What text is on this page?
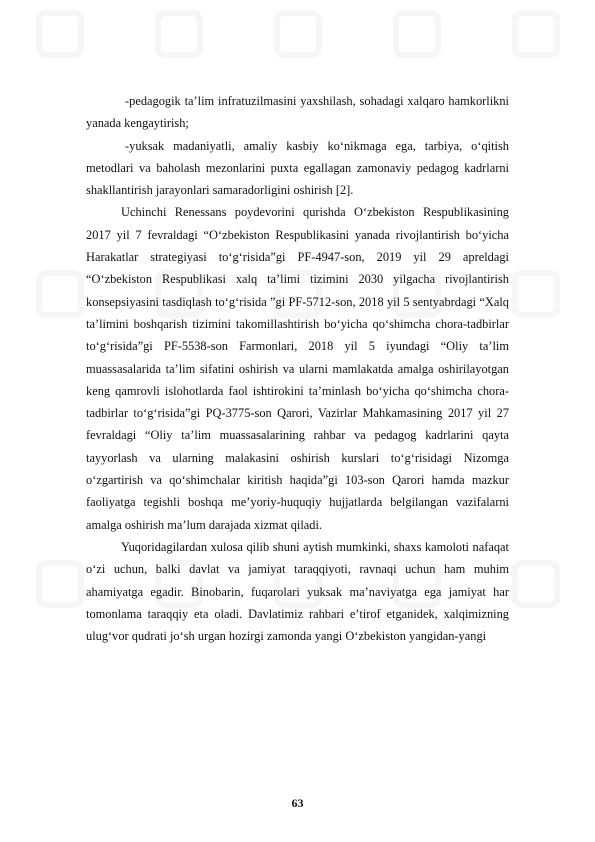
-pedagogik ta’lim infratuzilmasini yaxshilash, sohadagi xalqaro hamkorlikni yanada kengaytirish;

-yuksak madaniyatli, amaliy kasbiy ko‘nikmaga ega, tarbiya, o‘qitish metodlari va baholash mezonlarini puxta egallagan zamonaviy pedagog kadrlarni shakllantirish jarayonlari samaradorligini oshirish [2].

Uchinchi Renessans poydevorini qurishda O‘zbekiston Respublikasining 2017 yil 7 fevraldagi “O‘zbekiston Respublikasini yanada rivojlantirish bo‘yicha Harakatlar strategiyasi to‘g‘risida”gi PF-4947-son, 2019 yil 29 apreldagi “O‘zbekiston Respublikasi xalq ta’limi tizimini 2030 yilgacha rivojlantirish konsepsiyasini tasdiqlash to‘g‘risida ”gi PF-5712-son, 2018 yil 5 sentyabrdagi “Xalq ta’limini boshqarish tizimini takomillashtirish bo‘yicha qo‘shimcha chora-tadbirlar to‘g‘risida”gi PF-5538-son Farmonlari, 2018 yil 5 iyundagi “Oliy ta’lim muassasalarida ta’lim sifatini oshirish va ularni mamlakatda amalga oshirilayotgan keng qamrovli islohotlarda faol ishtirokini ta’minlash bo‘yicha qo‘shimcha chora-tadbirlar to‘g‘risida”gi PQ-3775-son Qarori, Vazirlar Mahkamasining 2017 yil 27 fevraldagi “Oliy ta’lim muassasalarining rahbar va pedagog kadrlarini qayta tayyorlash va ularning malakasini oshirish kurslari to‘g‘risidagi Nizomga o‘zgartirish va qo‘shimchalar kiritish haqida”gi 103-son Qarori hamda mazkur faoliyatga tegishli boshqa me’yoriy-huquqiy hujjatlarda belgilangan vazifalarni amalga oshirish ma’lum darajada xizmat qiladi.

Yuqoridagilardan xulosa qilib shuni aytish mumkinki, shaxs kamoloti nafaqat o‘zi uchun, balki davlat va jamiyat taraqqiyoti, ravnaqi uchun ham muhim ahamiyatga egadir. Binobarin, fuqarolari yuksak ma’naviyatga ega jamiyat har tomonlama taraqqiy eta oladi. Davlatimiz rahbari e’tirof etganidek, xalqimizning ulug‘vor qudrati jo‘sh urgan hozirgi zamonda yangi O‘zbekiston yangidan-yangi

63
